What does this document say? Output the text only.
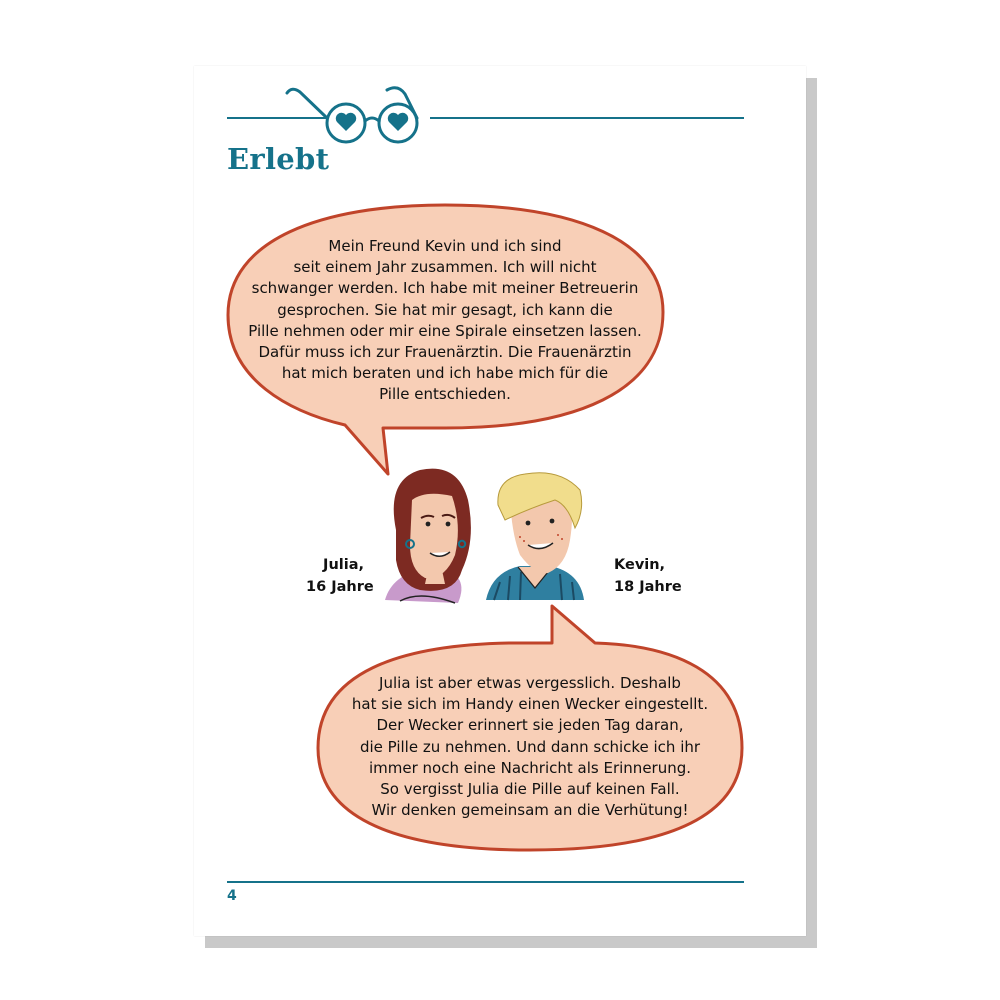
Erlebt
Mein Freund Kevin und ich sind
seit einem Jahr zusammen. Ich will nicht
schwanger werden. Ich habe mit meiner Betreuerin
gesprochen. Sie hat mir gesagt, ich kann die
Pille nehmen oder mir eine Spirale einsetzen lassen.
Dafür muss ich zur Frauenärztin. Die Frauenärztin
hat mich beraten und ich habe mich für die
Pille entschieden.
Julia,
16 Jahre
Kevin,
18 Jahre
Julia ist aber etwas vergesslich. Deshalb
hat sie sich im Handy einen Wecker eingestellt.
Der Wecker erinnert sie jeden Tag daran,
die Pille zu nehmen. Und dann schicke ich ihr
immer noch eine Nachricht als Erinnerung.
So vergisst Julia die Pille auf keinen Fall.
Wir denken gemeinsam an die Verhütung!
4
